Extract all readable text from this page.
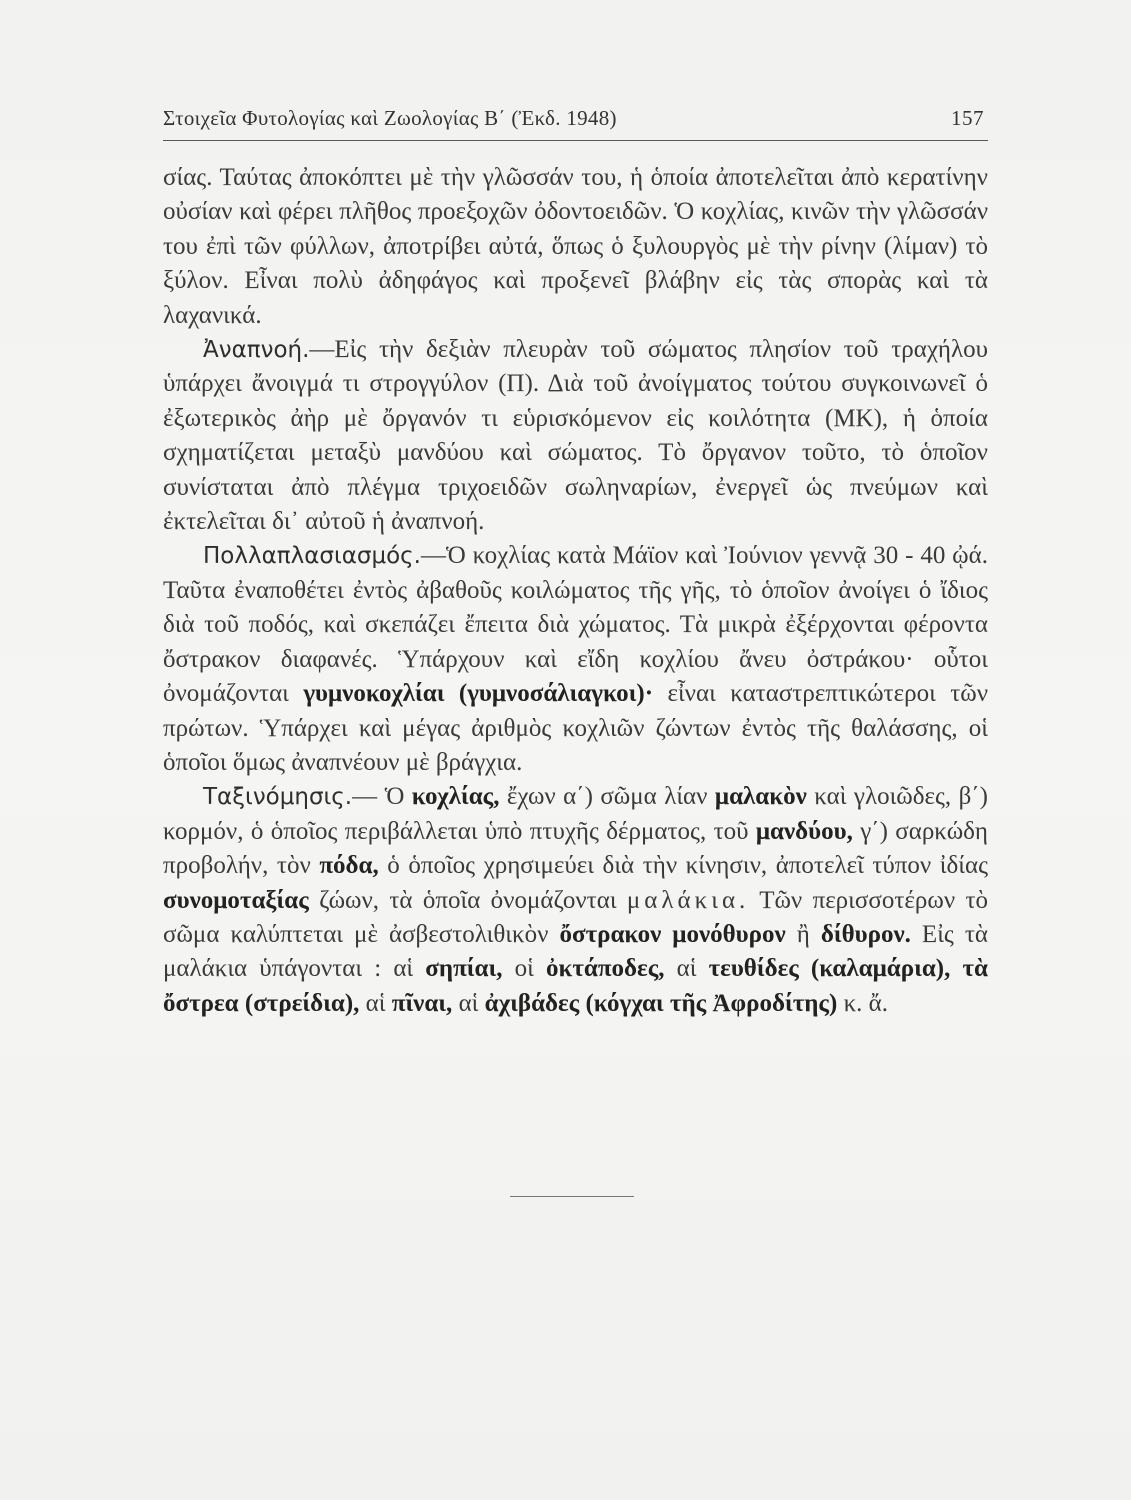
Στοιχεῖα Φυτολογίας καὶ Ζωολογίας Β΄ (Ἐκδ. 1948)	157

σίας. Ταύτας ἀποκόπτει μὲ τὴν γλῶσσάν του, ἡ ὁποία ἀποτελεῖται ἀπὸ κερατίνην οὐσίαν καὶ φέρει πλῆθος προεξοχῶν ὀδοντοειδῶν. Ὁ κοχλίας, κινῶν τὴν γλῶσσάν του ἐπὶ τῶν φύλλων, ἀποτρίβει αὐτά, ὅπως ὁ ξυλουργὸς μὲ τὴν ρίνην (λίμαν) τὸ ξύλον. Εἶναι πολὺ ἀδηφάγος καὶ προξενεῖ βλάβην εἰς τὰς σπορὰς καὶ τὰ λαχανικά.

Ἀναπνοή.—Εἰς τὴν δεξιὰν πλευρὰν τοῦ σώματος πλησίον τοῦ τραχήλου ὑπάρχει ἄνοιγμά τι στρογγύλον (Π). Διὰ τοῦ ἀνοίγματος τούτου συγκοινωνεῖ ὁ ἐξωτερικὸς ἀὴρ μὲ ὄργανόν τι εὑρισκόμενον εἰς κοιλότητα (ΜΚ), ἡ ὁποία σχηματίζεται μεταξὺ μανδύου καὶ σώματος. Τὸ ὄργανον τοῦτο, τὸ ὁποῖον συνίσταται ἀπὸ πλέγμα τριχοειδῶν σωληναρίων, ἐνεργεῖ ὡς πνεύμων καὶ ἐκτελεῖται δι᾿ αὐτοῦ ἡ ἀναπνοή.

Πολλαπλασιασμός.—Ὁ κοχλίας κατὰ Μάϊον καὶ Ἰούνιον γεννᾷ 30 - 40 ᾠά. Ταῦτα ἐναποθέτει ἐντὸς ἀβαθοῦς κοιλώματος τῆς γῆς, τὸ ὁποῖον ἀνοίγει ὁ ἴδιος διὰ τοῦ ποδός, καὶ σκεπάζει ἔπειτα διὰ χώματος. Τὰ μικρὰ ἐξέρχονται φέροντα ὄστρακον διαφανές. Ὑπάρχουν καὶ εἴδη κοχλίου ἄνευ ὀστράκου· οὗτοι ὀνομάζονται γυμνοκοχλίαι (γυμνοσάλιαγκοι)· εἶναι καταστρεπτικώτεροι τῶν πρώτων. Ὑπάρχει καὶ μέγας ἀριθμὸς κοχλιῶν ζώντων ἐντὸς τῆς θαλάσσης, οἱ ὁποῖοι ὅμως ἀναπνέουν μὲ βράγχια.

Ταξινόμησις.— Ὁ κοχλίας, ἔχων α΄) σῶμα λίαν μαλακὸν καὶ γλοιῶδες, β΄) κορμόν, ὁ ὁποῖος περιβάλλεται ὑπὸ πτυχῆς δέρματος, τοῦ μανδύου, γ΄) σαρκώδη προβολήν, τὸν πόδα, ὁ ὁποῖος χρησιμεύει διὰ τὴν κίνησιν, ἀποτελεῖ τύπον ἰδίας συνομοταξίας ζώων, τὰ ὁποῖα ὀνομάζονται μαλάκια. Τῶν περισσοτέρων τὸ σῶμα καλύπτεται μὲ ἀσβεστολιθικὸν ὄστρακον μονόθυρον ἢ δίθυρον. Εἰς τὰ μαλάκια ὑπάγονται : αἱ σηπίαι, οἱ ὀκτάποδες, αἱ τευθίδες (καλαμάρια), τὰ ὄστρεα (στρείδια), αἱ πῖναι, αἱ ἀχιβάδες (κόγχαι τῆς Ἀφροδίτης) κ. ἄ.
